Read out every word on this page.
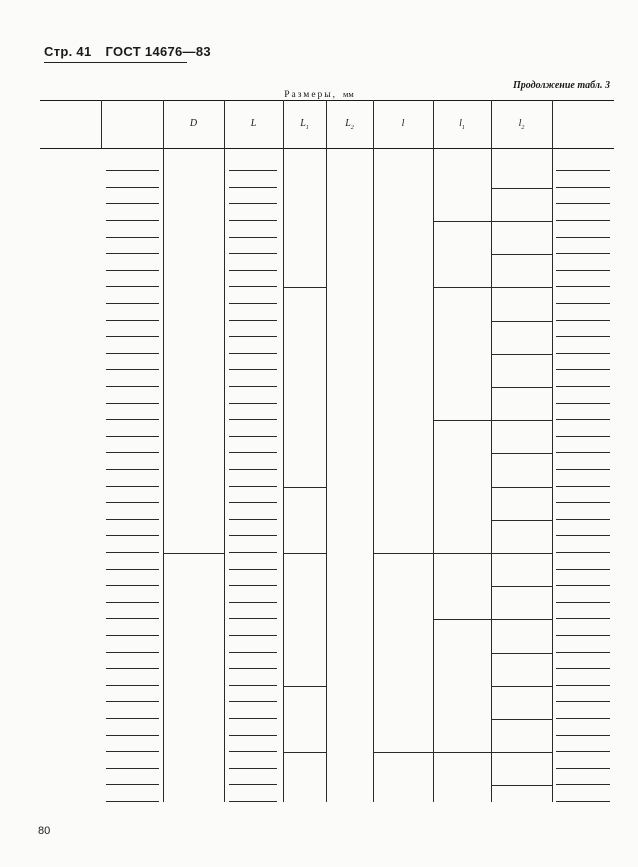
Стр. 41 ГОСТ 14676—83
Продолжение табл. 3
Размеры, мм
D	L	$L_1$	$L_2$	l	$l_1$	$l_2$
80
